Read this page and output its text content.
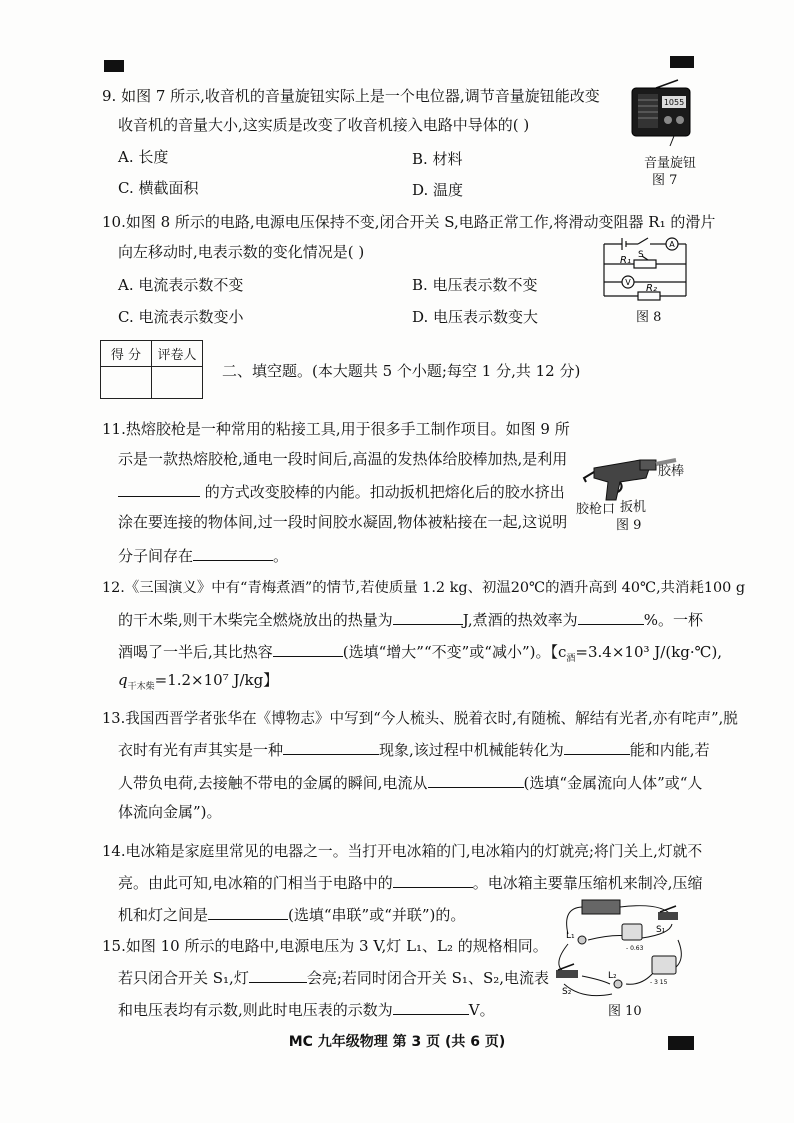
9. 如图 7 所示,收音机的音量旋钮实际上是一个电位器,调节音量旋钮能改变
收音机的音量大小,这实质是改变了收音机接入电路中导体的( )
A. 长度	B. 材料
C. 横截面积	D. 温度
1055
音量旋钮
图 7
10.如图 8 所示的电路,电源电压保持不变,闭合开关 S,电路正常工作,将滑动变阻器 R₁ 的滑片
向左移动时,电表示数的变化情况是( )
A. 电流表示数不变	B. 电压表示数不变
C. 电流表示数变小	D. 电压表示数变大
S
A
V
R₁
R₂
图 8
得 分	评卷人

二、填空题。(本大题共 5 个小题;每空 1 分,共 12 分)
11.热熔胶枪是一种常用的粘接工具,用于很多手工制作项目。如图 9 所
示是一款热熔胶枪,通电一段时间后,高温的发热体给胶棒加热,是利用
的方式改变胶棒的内能。扣动扳机把熔化后的胶水挤出
涂在要连接的物体间,过一段时间胶水凝固,物体被粘接在一起,这说明
分子间存在	。
胶棒
胶枪口 扳机
图 9
12.《三国演义》中有“青梅煮酒”的情节,若使质量 1.2 kg、初温20℃的酒升高到 40℃,共消耗100 g
的干木柴,则干木柴完全燃烧放出的热量为	J,煮酒的热效率为	%。一杯
酒喝了一半后,其比热容	(选填“增大”“不变”或“减小”)。【$c_酒=3.4\times 10^3$ J/(kg·℃),
$q_{干木柴}=1.2\times 10^7$ J/kg】
13.我国西晋学者张华在《博物志》中写到“今人梳头、脱着衣时,有随梳、解结有光者,亦有咤声”,脱
衣时有光有声其实是一种	现象,该过程中机械能转化为	能和内能,若
人带负电荷,去接触不带电的金属的瞬间,电流从	(选填“金属流向人体”或“人
体流向金属”)。
14.电冰箱是家庭里常见的电器之一。当打开电冰箱的门,电冰箱内的灯就亮;将门关上,灯就不
亮。由此可知,电冰箱的门相当于电路中的	。电冰箱主要靠压缩机来制冷,压缩
机和灯之间是	(选填“串联”或“并联”)的。
15.如图 10 所示的电路中,电源电压为 3 V,灯 L₁、L₂ 的规格相同。
若只闭合开关 S₁,灯	会亮;若同时闭合开关 S₁、S₂,电流表
和电压表均有示数,则此时电压表的示数为	V。
L₁
S₁
S₂
L₂
- 0.63
- 3 15
图 10
MC 九年级物理 第 3 页 (共 6 页)
